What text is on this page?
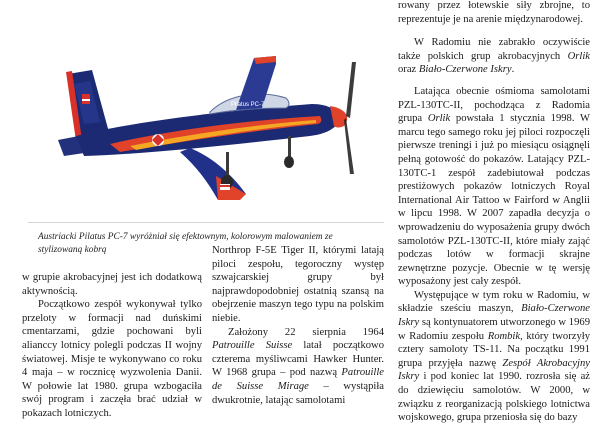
Pilatus PC-7
Austriacki Pilatus PC-7 wyróżniał się efektownym, kolorowym malowaniem ze stylizowaną kobrą

w grupie akrobacyjnej jest ich dodatkową aktywnością.

Początkowo zespół wykonywał tylko przeloty w formacji nad duńskimi cmentarzami, gdzie pochowani byli alianccy lotnicy polegli podczas II wojny światowej. Misje te wykonywano co roku 4 maja – w rocznicę wyzwolenia Danii. W połowie lat 1980. grupa wzbogaciła swój program i zaczęła brać udział w pokazach lotniczych.

Northrop F-5E Tiger II, którymi latają piloci zespołu, tegoroczny występ szwajcarskiej grupy był najprawdopodobniej ostatnią szansą na obejrzenie maszyn tego typu na polskim niebie.

Założony 22 sierpnia 1964 Patrouille Suisse latał początkowo czterema myśliwcami Hawker Hunter. W 1968 grupa – pod nazwą Patrouille de Suisse Mirage – wystąpiła dwukrotnie, latając samolotami

rowany przez łotewskie siły zbrojne, to reprezentuje je na arenie międzynarodowej.

W Radomiu nie zabrakło oczywiście także polskich grup akrobacyjnych Orlik oraz Biało-Czerwone Iskry.

Latająca obecnie ośmioma samolotami PZL-130TC-II, pochodząca z Radomia grupa Orlik powstała 1 stycznia 1998. W marcu tego samego roku jej piloci rozpoczęli pierwsze treningi i już po miesiącu osiągnęli pełną gotowość do pokazów. Latający PZL-130TC-1 zespół zadebiutował podczas prestiżowych pokazów lotniczych Royal International Air Tattoo w Fairford w Anglii w lipcu 1998. W 2007 zapadła decyzja o wprowadzeniu do wyposażenia grupy dwóch samolotów PZL-130TC-II, które miały zająć podczas lotów w formacji skrajne zewnętrzne pozycje. Obecnie w tę wersję wyposażony jest cały zespół.

Występujące w tym roku w Radomiu, w składzie sześciu maszyn, Biało-Czerwone Iskry są kontynuatorem utworzonego w 1969 w Radomiu zespołu Rombik, który tworzyły cztery samoloty TS-11. Na początku 1991 grupa przyjęła nazwę Zespół Akrobacyjny Iskry i pod koniec lat 1990. rozrosła się aż do dziewięciu samolotów. W 2000, w związku z reorganizacją polskiego lotnictwa wojskowego, grupa przeniosła się do bazy
